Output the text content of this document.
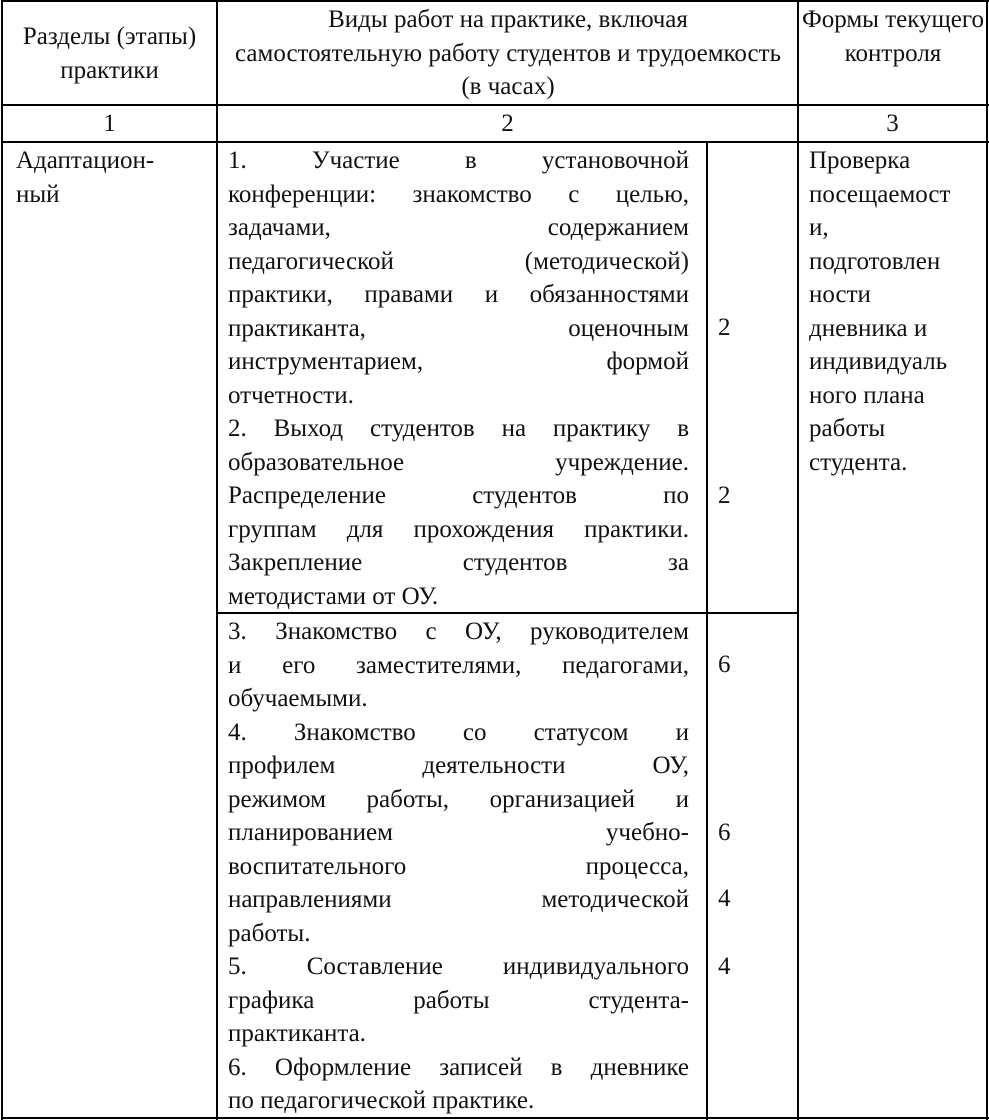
Разделы (этапы) практики
Виды работ на практике, включая самостоятельную работу студентов и трудоемкость (в часах)
Формы текущего контроля
1	2	3
Адаптацион-ный

1. Участие в установочной

конференции: знакомство с целью,

задачами, содержанием

педагогической (методической)

практики, правами и обязанностями

практиканта, оценочным

инструментарием, формой

отчетности.

2. Выход студентов на практику в

образовательное учреждение.

Распределение студентов по

группам для прохождения практики.

Закрепление студентов за

методистами от ОУ.

3. Знакомство с ОУ, руководителем

и его заместителями, педагогами,

обучаемыми.

4. Знакомство со статусом и

профилем деятельности ОУ,

режимом работы, организацией и

планированием учебно-

воспитательного процесса,

направлениями методической

работы.

5. Составление индивидуального

графика работы студента-

практиканта.

6. Оформление записей в дневнике

по педагогической практике.

2
2
6
6
4
4
Проверка
посещаемост
и,
подготовлен
ности
дневника и
индивидуаль
ного плана
работы
студента.
